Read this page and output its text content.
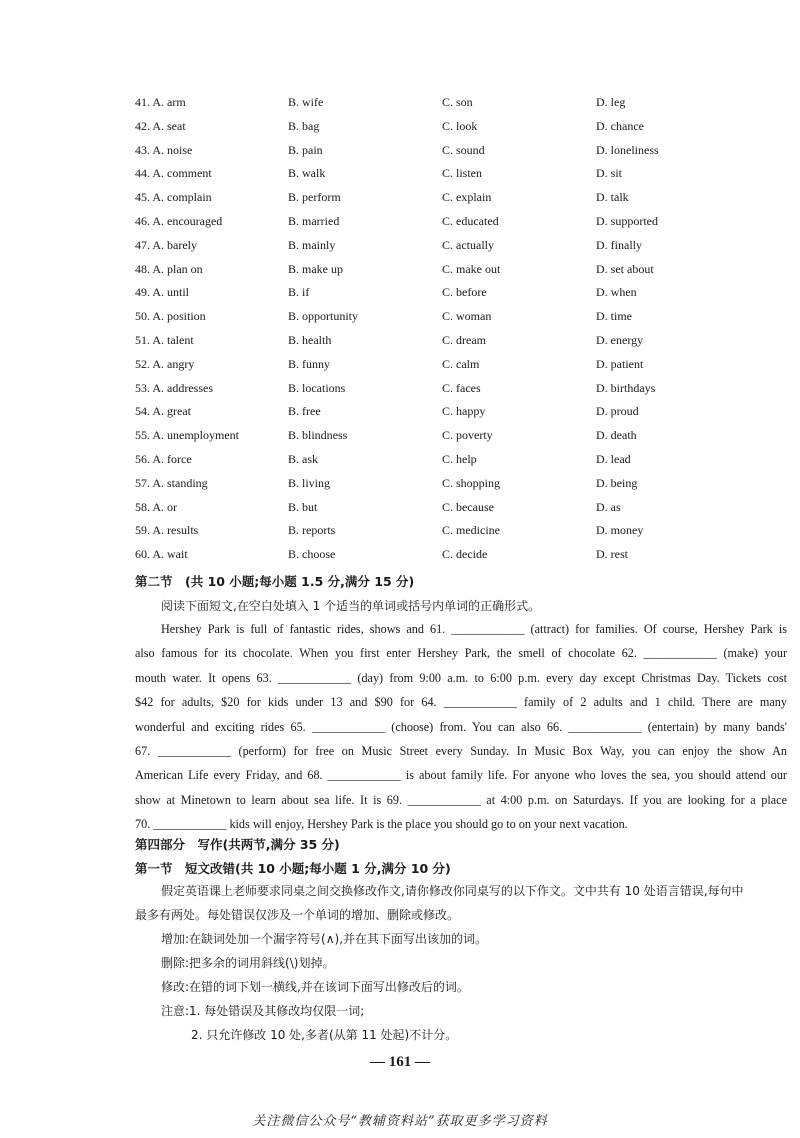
41. A. arm	B. wife	C. son	D. leg
42. A. seat	B. bag	C. look	D. chance
43. A. noise	B. pain	C. sound	D. loneliness
44. A. comment	B. walk	C. listen	D. sit
45. A. complain	B. perform	C. explain	D. talk
46. A. encouraged	B. married	C. educated	D. supported
47. A. barely	B. mainly	C. actually	D. finally
48. A. plan on	B. make up	C. make out	D. set about
49. A. until	B. if	C. before	D. when
50. A. position	B. opportunity	C. woman	D. time
51. A. talent	B. health	C. dream	D. energy
52. A. angry	B. funny	C. calm	D. patient
53. A. addresses	B. locations	C. faces	D. birthdays
54. A. great	B. free	C. happy	D. proud
55. A. unemployment	B. blindness	C. poverty	D. death
56. A. force	B. ask	C. help	D. lead
57. A. standing	B. living	C. shopping	D. being
58. A. or	B. but	C. because	D. as
59. A. results	B. reports	C. medicine	D. money
60. A. wait	B. choose	C. decide	D. rest
第二节　(共 10 小题;每小题 1.5 分,满分 15 分)
阅读下面短文,在空白处填入 1 个适当的单词或括号内单词的正确形式。
Hershey Park is full of fantastic rides, shows and 61. ____________ (attract) for families. Of course, Hershey Park is
also famous for its chocolate. When you first enter Hershey Park, the smell of chocolate 62. ____________ (make) your
mouth water. It opens 63. ____________ (day) from 9:00 a.m. to 6:00 p.m. every day except Christmas Day. Tickets cost
$42 for adults, $20 for kids under 13 and $90 for 64. ____________ family of 2 adults and 1 child. There are many
wonderful and exciting rides 65. ____________ (choose) from. You can also 66. ____________ (entertain) by many bands'
67. ____________ (perform) for free on Music Street every Sunday. In Music Box Way, you can enjoy the show An
American Life every Friday, and 68. ____________ is about family life. For anyone who loves the sea, you should attend our
show at Minetown to learn about sea life. It is 69. ____________ at 4:00 p.m. on Saturdays. If you are looking for a place
70. ____________ kids will enjoy, Hershey Park is the place you should go to on your next vacation.
第四部分　写作(共两节,满分 35 分)
第一节　短文改错(共 10 小题;每小题 1 分,满分 10 分)

假定英语课上老师要求同桌之间交换修改作文,请你修改你同桌写的以下作文。文中共有 10 处语言错误,每句中

最多有两处。每处错误仅涉及一个单词的增加、删除或修改。

增加:在缺词处加一个漏字符号(∧),并在其下面写出该加的词。

删除:把多余的词用斜线(\)划掉。

修改:在错的词下划一横线,并在该词下面写出修改后的词。

注意:1. 每处错误及其修改均仅限一词;

2. 只允许修改 10 处,多者(从第 11 处起)不计分。

— 161 —
关注微信公众号“教辅资料站”获取更多学习资料
